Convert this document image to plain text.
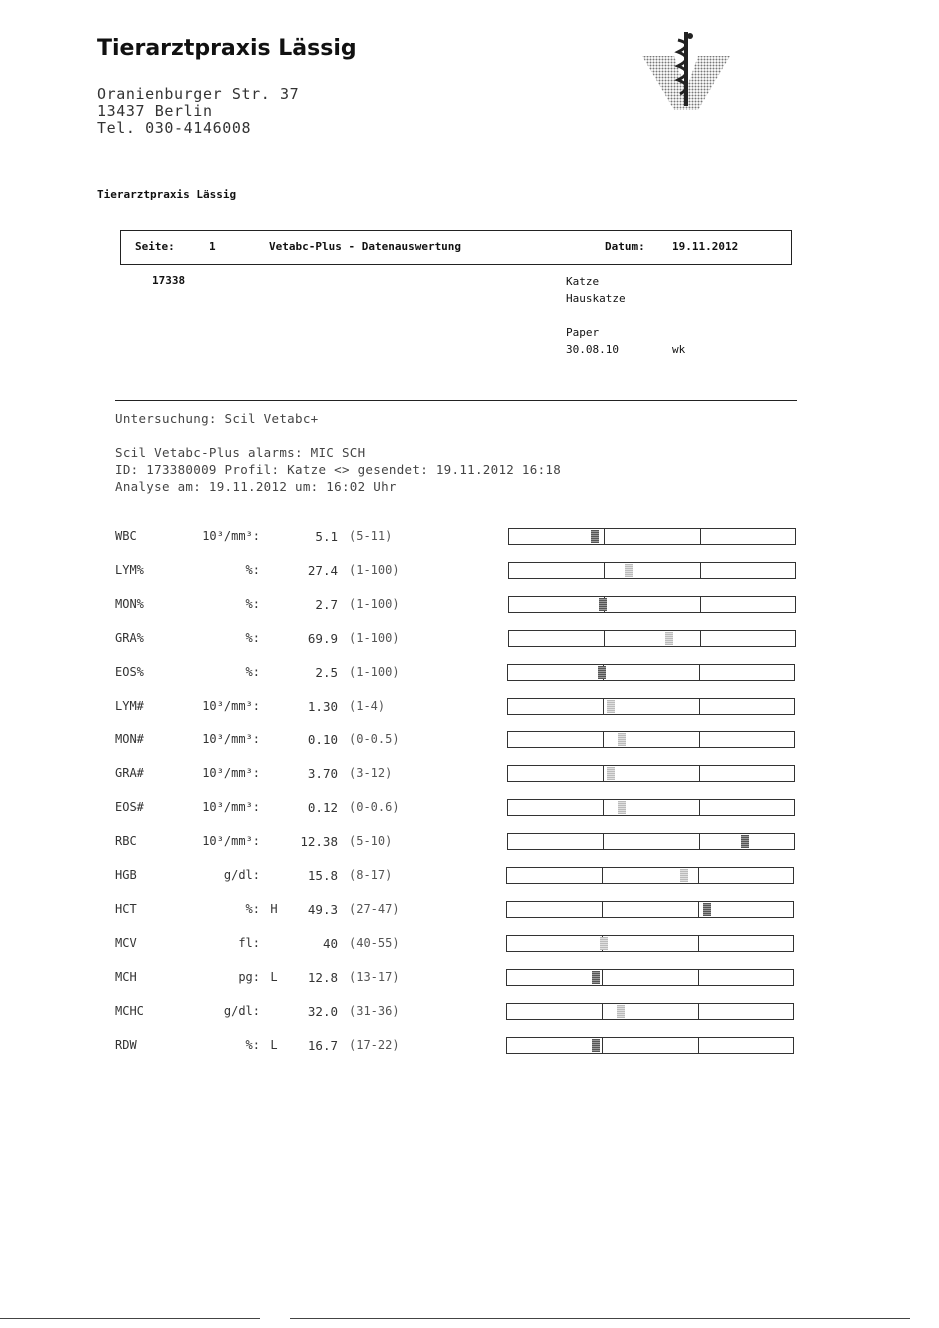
Tierarztpraxis Lässig
Oranienburger Str. 37
13437 Berlin
Tel. 030-4146008
Tierarztpraxis Lässig
Seite:	1	Vetabc-Plus - Datenauswertung	Datum: 19.11.2012
17338	Katze
Hauskatze
Paper
30.08.10	wk
Untersuchung: Scil Vetabc+
Scil Vetabc-Plus alarms: MIC SCH
ID: 173380009 Profil: Katze <> gesendet: 19.11.2012 16:18
Analyse am: 19.11.2012 um: 16:02 Uhr
WBC	10³/mm³:	5.1 (5-11)
LYM%	%:	27.4 (1-100)
MON%	%:	2.7 (1-100)
GRA%	%:	69.9 (1-100)
EOS%	%:	2.5 (1-100)
LYM#	10³/mm³:	1.30 (1-4)
MON#	10³/mm³:	0.10 (0-0.5)
GRA#	10³/mm³:	3.70 (3-12)
EOS#	10³/mm³:	0.12 (0-0.6)
RBC	10³/mm³:	12.38 (5-10)
HGB	g/dl:	15.8 (8-17)
HCT	%: H	49.3 (27-47)
MCV	fl:	40 (40-55)
MCH	pg: L	12.8 (13-17)
MCHC	g/dl:	32.0 (31-36)
RDW	%: L	16.7 (17-22)
